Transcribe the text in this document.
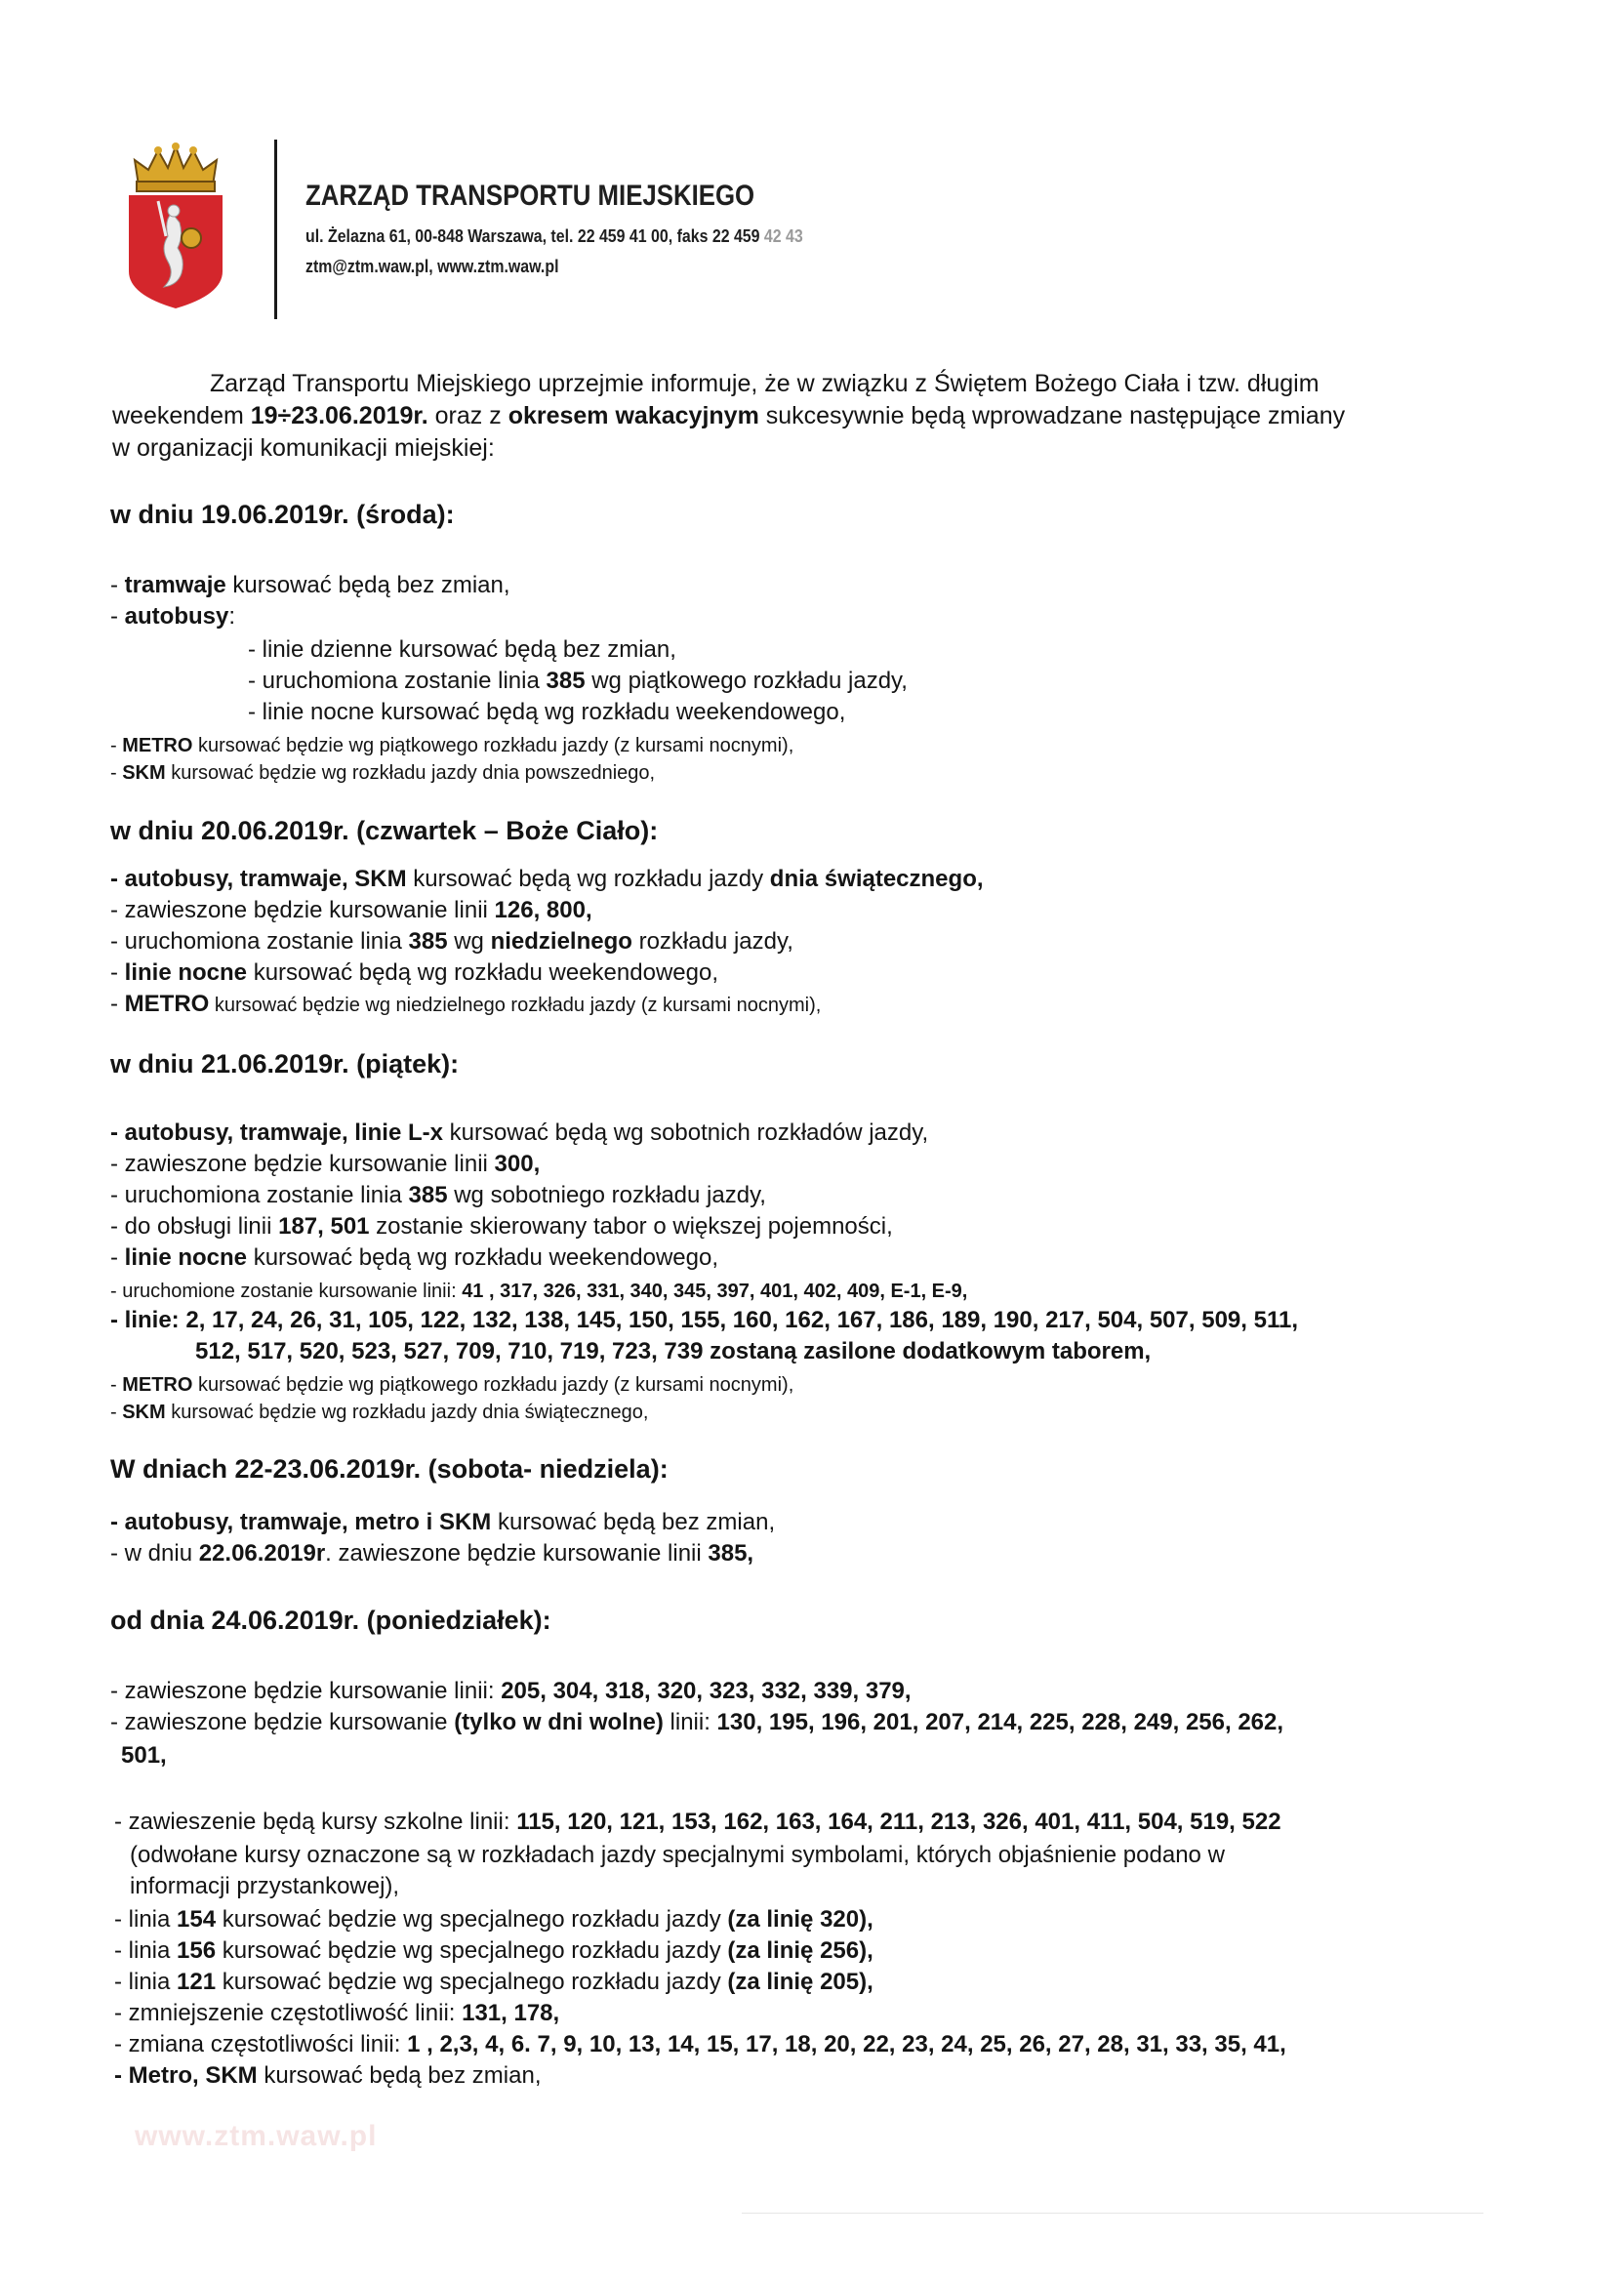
ZARZĄD TRANSPORTU MIEJSKIEGO
ul. Żelazna 61, 00-848 Warszawa, tel. 22 459 41 00, faks 22 459 42 43
ztm@ztm.waw.pl, www.ztm.waw.pl
Zarząd Transportu Miejskiego uprzejmie informuje, że w związku z Świętem Bożego Ciała i tzw. długim
weekendem 19÷23.06.2019r. oraz z okresem wakacyjnym sukcesywnie będą wprowadzane następujące zmiany
w organizacji komunikacji miejskiej:
w dniu 19.06.2019r. (środa):
- tramwaje kursować będą bez zmian,
- autobusy:
- linie dzienne kursować będą bez zmian,
- uruchomiona zostanie linia 385 wg piątkowego rozkładu jazdy,
- linie nocne kursować będą wg rozkładu weekendowego,
- METRO kursować będzie wg piątkowego rozkładu jazdy (z kursami nocnymi),
- SKM kursować będzie wg rozkładu jazdy dnia powszedniego,
w dniu 20.06.2019r. (czwartek – Boże Ciało):
- autobusy, tramwaje, SKM kursować będą wg rozkładu jazdy dnia świątecznego,
- zawieszone będzie kursowanie linii 126, 800,
- uruchomiona zostanie linia 385 wg niedzielnego rozkładu jazdy,
- linie nocne kursować będą wg rozkładu weekendowego,
- METRO kursować będzie wg niedzielnego rozkładu jazdy (z kursami nocnymi),
w dniu 21.06.2019r. (piątek):
- autobusy, tramwaje, linie L-x kursować będą wg sobotnich rozkładów jazdy,
- zawieszone będzie kursowanie linii 300,
- uruchomiona zostanie linia 385 wg sobotniego rozkładu jazdy,
- do obsługi linii 187, 501 zostanie skierowany tabor o większej pojemności,
- linie nocne kursować będą wg rozkładu weekendowego,
- uruchomione zostanie kursowanie linii: 41 , 317, 326, 331, 340, 345, 397, 401, 402, 409, E-1, E-9,
- linie: 2, 17, 24, 26, 31, 105, 122, 132, 138, 145, 150, 155, 160, 162, 167, 186, 189, 190, 217, 504, 507, 509, 511,
512, 517, 520, 523, 527, 709, 710, 719, 723, 739 zostaną zasilone dodatkowym taborem,
- METRO kursować będzie wg piątkowego rozkładu jazdy (z kursami nocnymi),
- SKM kursować będzie wg rozkładu jazdy dnia świątecznego,
W dniach 22-23.06.2019r. (sobota- niedziela):
- autobusy, tramwaje, metro i SKM kursować będą bez zmian,
- w dniu 22.06.2019r. zawieszone będzie kursowanie linii 385,
od dnia 24.06.2019r. (poniedziałek):
- zawieszone będzie kursowanie linii: 205, 304, 318, 320, 323, 332, 339, 379,
- zawieszone będzie kursowanie (tylko w dni wolne) linii: 130, 195, 196, 201, 207, 214, 225, 228, 249, 256, 262,
501,
- zawieszenie będą kursy szkolne linii: 115, 120, 121, 153, 162, 163, 164, 211, 213, 326, 401, 411, 504, 519, 522
(odwołane kursy oznaczone są w rozkładach jazdy specjalnymi symbolami, których objaśnienie podano w
informacji przystankowej),
- linia 154 kursować będzie wg specjalnego rozkładu jazdy (za linię 320),
- linia 156 kursować będzie wg specjalnego rozkładu jazdy (za linię 256),
- linia 121 kursować będzie wg specjalnego rozkładu jazdy (za linię 205),
- zmniejszenie częstotliwość linii: 131, 178,
- zmiana częstotliwości linii: 1 , 2,3, 4, 6. 7, 9, 10, 13, 14, 15, 17, 18, 20, 22, 23, 24, 25, 26, 27, 28, 31, 33, 35, 41,
- Metro, SKM kursować będą bez zmian,
www.ztm.waw.pl
